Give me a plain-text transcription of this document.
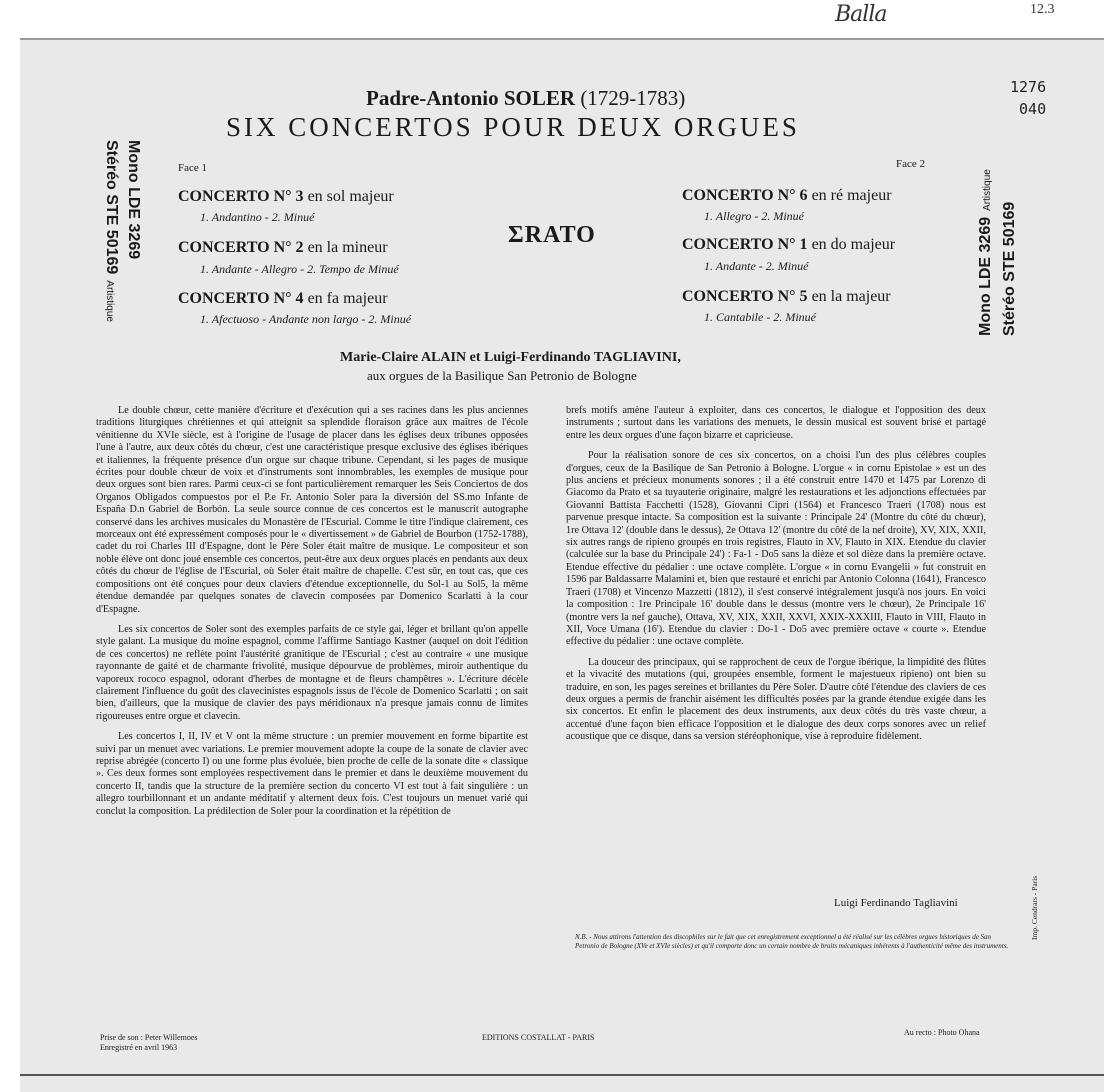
Balla	12.3
1276
040
Padre-Antonio SOLER (1729-1783)
SIX CONCERTOS POUR DEUX ORGUES
Mono LDE 3269
Stéréo STE 50169Artistique	Mono LDE 3269Artistique
Stéréo STE 50169
Face 1	Face 2
CONCERTO N° 3 en sol majeur
1. Andantino - 2. Minué
CONCERTO N° 2 en la mineur
1. Andante - Allegro - 2. Tempo de Minué
CONCERTO N° 4 en fa majeur
1. Afectuoso - Andante non largo - 2. Minué
ΣRATO
CONCERTO N° 6 en ré majeur
1. Allegro - 2. Minué
CONCERTO N° 1 en do majeur
1. Andante - 2. Minué
CONCERTO N° 5 en la majeur
1. Cantabile - 2. Minué
Marie-Claire ALAIN et Luigi-Ferdinando TAGLIAVINI,
aux orgues de la Basilique San Petronio de Bologne

Le double chœur, cette manière d'écriture et d'exécution qui a ses racines dans les plus anciennes traditions liturgiques chrétiennes et qui atteignit sa splendide floraison grâce aux maîtres de l'école vénitienne du XVIe siècle, est à l'origine de l'usage de placer dans les églises deux tribunes opposées l'une à l'autre, aux deux côtés du chœur, c'est une caractéristique presque exclusive des églises ibériques et italiennes, la fréquente présence d'un orgue sur chaque tribune. Cependant, si les pages de musique écrites pour double chœur de voix et d'instruments sont innombrables, les exemples de musique pour deux orgues sont bien rares. Parmi ceux-ci se font particulièrement remarquer les Seis Conciertos de dos Organos Obligados compuestos por el P.e Fr. Antonio Soler para la diversión del SS.mo Infante de España D.n Gabriel de Borbón. La seule source connue de ces concertos est le manuscrit autographe conservé dans les archives musicales du Monastère de l'Escurial. Comme le titre l'indique clairement, ces morceaux ont été expressément composés pour le « divertissement » de Gabriel de Bourbon (1752-1788), cadet du roi Charles III d'Espagne, dont le Père Soler était maître de musique. Le compositeur et son noble élève ont donc joué ensemble ces concertos, peut-être aux deux orgues placés en pendants aux deux côtés du chœur de l'église de l'Escurial, où Soler était maître de chapelle. C'est sûr, en tout cas, que ces compositions ont été conçues pour deux claviers d'étendue exceptionnelle, du Sol-1 au Sol5, la même étendue demandée par quelques sonates de clavecin composées par Domenico Scarlatti à la cour d'Espagne.

Les six concertos de Soler sont des exemples parfaits de ce style gai, léger et brillant qu'on appelle style galant. La musique du moine espagnol, comme l'affirme Santiago Kastner (auquel on doit l'édition de ces concertos) ne reflète point l'austérité granitique de l'Escurial ; c'est au contraire « une musique rayonnante de gaité et de charmante frivolité, musique dépourvue de problèmes, miroir authentique du vaporeux rococo espagnol, odorant d'herbes de montagne et de fleurs champêtres ». L'écriture décèle clairement l'influence du goût des clavecinistes espagnols issus de l'école de Domenico Scarlatti ; on sait bien, d'ailleurs, que la musique de clavier des pays méridionaux n'a presque jamais connu de limites rigoureuses entre orgue et clavecin.

Les concertos I, II, IV et V ont la même structure : un premier mouvement en forme bipartite est suivi par un menuet avec variations. Le premier mouvement adopte la coupe de la sonate de clavier avec reprise abrégée (concerto I) ou une forme plus évoluée, bien proche de celle de la sonate dite « classique ». Ces deux formes sont employées respectivement dans le premier et dans le deuxième mouvement du concerto II, tandis que la structure de la première section du concerto VI est tout à fait singulière : un allegro tourbillonnant et un andante méditatif y alternent deux fois. C'est toujours un menuet varié qui conclut la composition. La prédilection de Soler pour la coordination et la répétition de

brefs motifs amène l'auteur à exploiter, dans ces concertos, le dialogue et l'opposition des deux instruments ; surtout dans les variations des menuets, le dessin musical est souvent brisé et partagé entre les deux orgues d'une façon bizarre et capricieuse.

Pour la réalisation sonore de ces six concertos, on a choisi l'un des plus célèbres couples d'orgues, ceux de la Basilique de San Petronio à Bologne. L'orgue « in cornu Epistolae » est un des plus anciens et précieux monuments sonores ; il a été construit entre 1470 et 1475 par Lorenzo di Giacomo da Prato et sa tuyauterie originaire, malgré les restaurations et les adjonctions effectuées par Giovanni Battista Facchetti (1528), Giovanni Cipri (1564) et Francesco Traeri (1708) nous est parvenue presque intacte. Sa composition est la suivante : Principale 24' (Montre du côté du chœur), 1re Ottava 12' (double dans le dessus), 2e Ottava 12' (montre du côté de la nef droite), XV, XIX, XXII, six autres rangs de ripieno groupés en trois registres, Flauto in XV, Flauto in XIX. Etendue du clavier (calculée sur la base du Principale 24') : Fa-1 - Do5 sans la dièze et sol dièze dans la première octave. Etendue effective du pédalier : une octave complète. L'orgue « in cornu Evangelii » fut construit en 1596 par Baldassarre Malamini et, bien que restauré et enrichi par Antonio Colonna (1641), Francesco Traeri (1708) et Vincenzo Mazzetti (1812), il s'est conservé intégralement jusqu'à nos jours. En voici la composition : 1re Principale 16' double dans le dessus (montre vers le chœur), 2e Principale 16' (montre vers la nef gauche), Ottava, XV, XIX, XXII, XXVI, XXIX-XXXIII, Flauto in VIII, Flauto in XII, Voce Umana (16'). Etendue du clavier : Do-1 - Do5 avec première octave « courte ». Etendue effective du pédalier : une octave complète.

La douceur des principaux, qui se rapprochent de ceux de l'orgue ibérique, la limpidité des flûtes et la vivacité des mutations (qui, groupées ensemble, forment le majestueux ripieno) ont bien su traduire, en son, les pages sereines et brillantes du Père Soler. D'autre côté l'étendue des claviers de ces deux orgues a permis de franchir aisément les difficultés posées par la grande étendue exigée dans les six concertos. Et enfin le placement des deux instruments, aux deux côtés du très vaste chœur, a accentué d'une façon bien efficace l'opposition et le dialogue des deux corps sonores avec un relief acoustique que ce disque, dans sa version stéréophonique, vise à reproduire fidèlement.

Luigi Ferdinando Tagliavini
N.B. - Nous attirons l'attention des discophiles sur le fait que cet enregistrement exceptionnel a été réalisé sur les célèbres orgues historiques de San Petronio de Bologne (XVe et XVIe siècles) et qu'il comporte donc un certain nombre de bruits mécaniques inhérents à l'authenticité même des instruments.
Prise de son : Peter Willemoes
Enregistré en avril 1963
EDITIONS COSTALLAT - PARIS
Au recto : Photo Ohana
Imp. Cendrars - Paris
